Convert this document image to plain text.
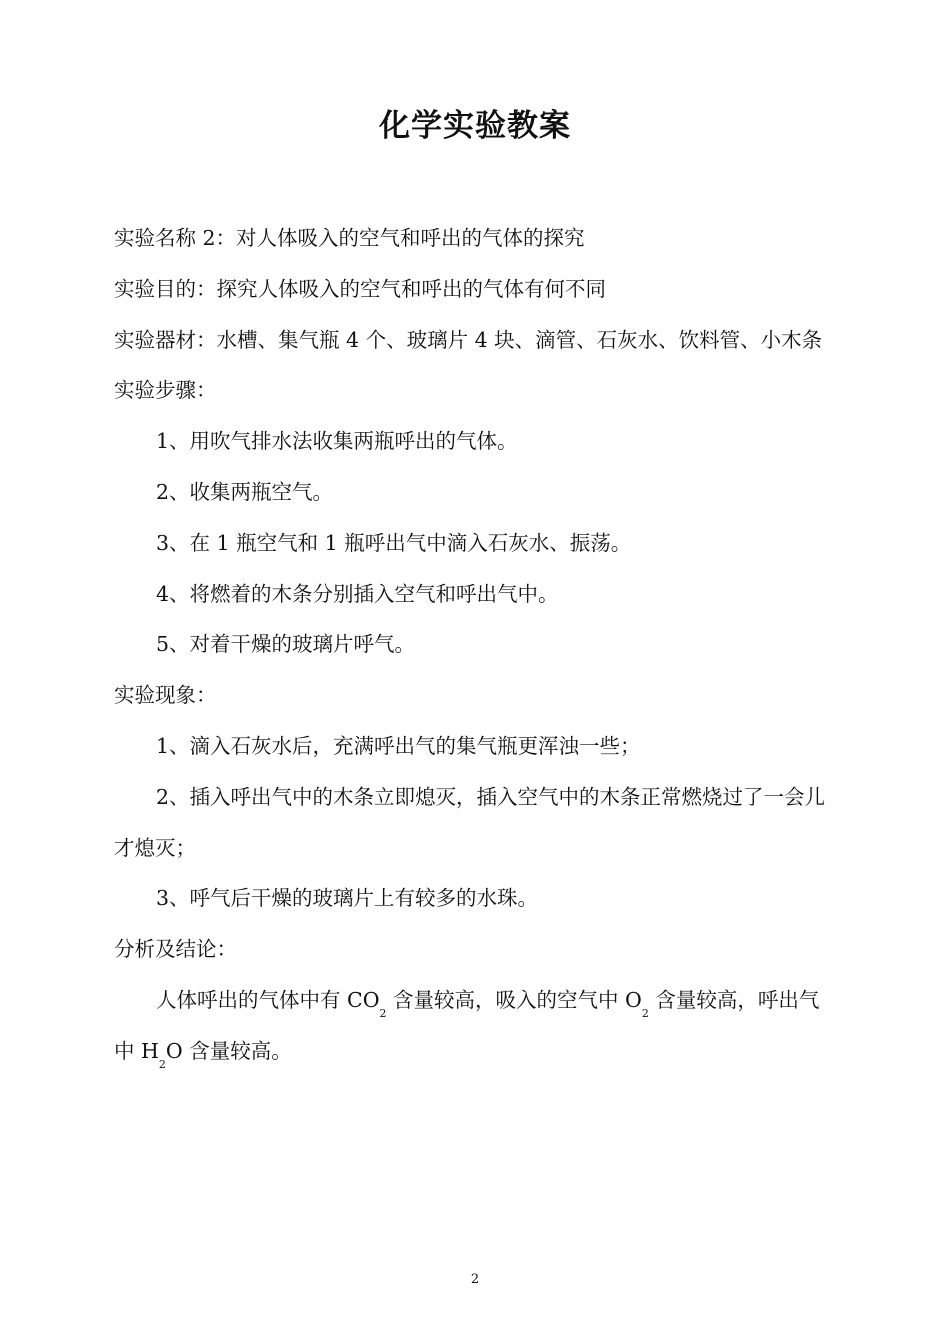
化学实验教案

实验名称 2：对人体吸入的空气和呼出的气体的探究

实验目的：探究人体吸入的空气和呼出的气体有何不同

实验器材：水槽、集气瓶 4 个、玻璃片 4 块、滴管、石灰水、饮料管、小木条

实验步骤：

1、用吹气排水法收集两瓶呼出的气体。

2、收集两瓶空气。

3、在 1 瓶空气和 1 瓶呼出气中滴入石灰水、振荡。

4、将燃着的木条分别插入空气和呼出气中。

5、对着干燥的玻璃片呼气。

实验现象：

1、滴入石灰水后，充满呼出气的集气瓶更浑浊一些；

2、插入呼出气中的木条立即熄灭，插入空气中的木条正常燃烧过了一会儿才熄灭；

3、呼气后干燥的玻璃片上有较多的水珠。

分析及结论：

人体呼出的气体中有 $CO_2$ 含量较高，吸入的空气中 $O_2$ 含量较高，呼出气中 $H_2O$ 含量较高。

2
